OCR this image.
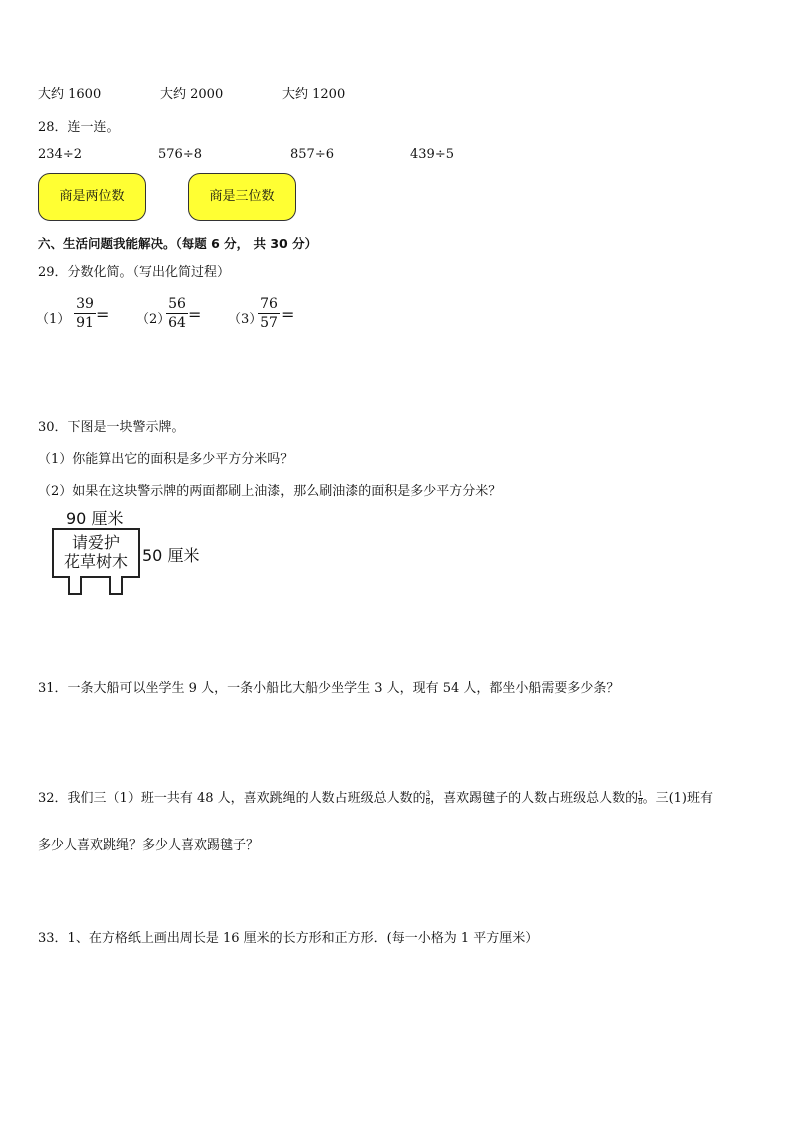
大约 1600	大约 2000	大约 1200
28．连一连。
234÷2	576÷8	857÷6	439÷5
商是两位数	商是三位数
六、生活问题我能解决。（每题 6 分， 共 30 分）
29．分数化简。（写出化简过程）
（1）
39
91 = （2）
56
64 = （3）
76
57 =
30．下图是一块警示牌。
（1）你能算出它的面积是多少平方分米吗？
（2）如果在这块警示牌的两面都刷上油漆，那么刷油漆的面积是多少平方分米？
90 厘米
请爱护
花草树木 50 厘米
31．一条大船可以坐学生 9 人，一条小船比大船少坐学生 3 人，现有 54 人，都坐小船需要多少条？
32．我们三（1）班一共有 48 人，喜欢跳绳的人数占班级总人数的 $\frac{3}{8}$ ，喜欢踢毽子的人数占班级总人数的 $\frac{1}{8}$ 。三(1)班有
多少人喜欢跳绳？多少人喜欢踢毽子？
33．1、在方格纸上画出周长是 16 厘米的长方形和正方形．(每一小格为 1 平方厘米）
